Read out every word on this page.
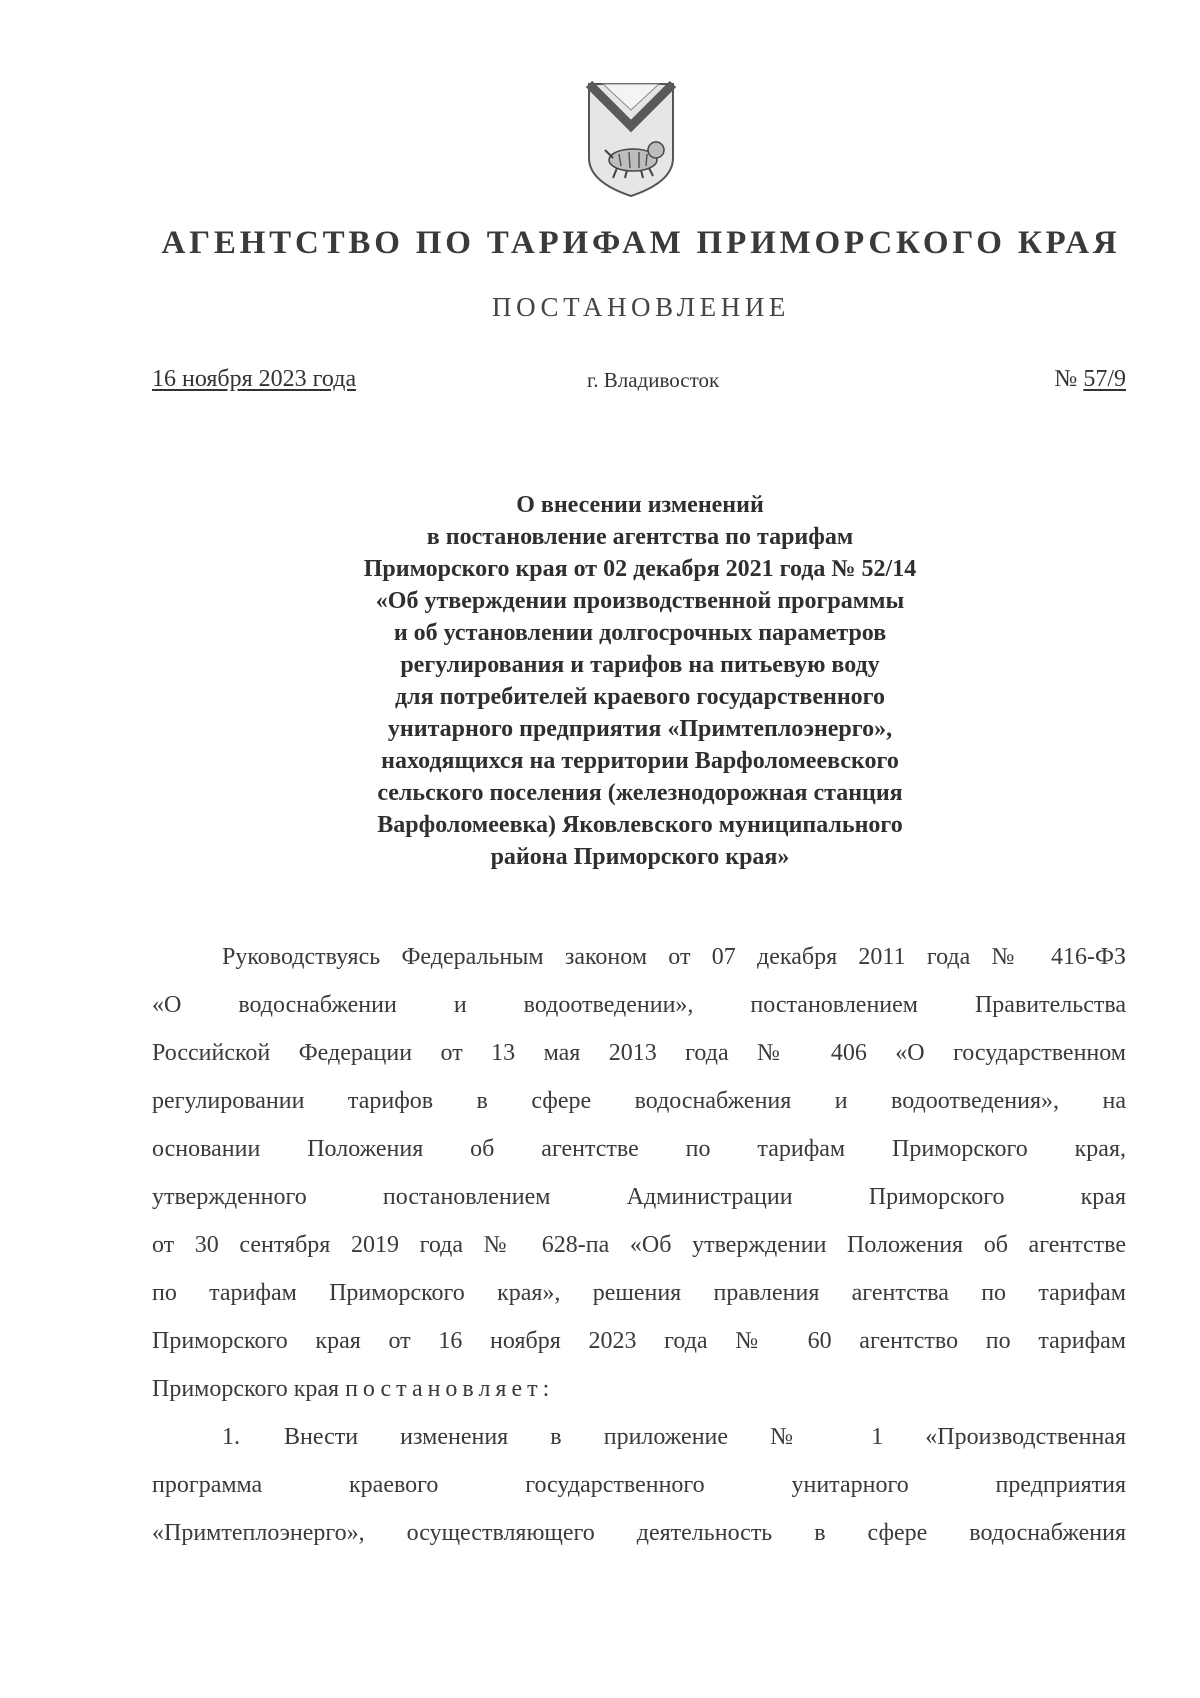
АГЕНТСТВО ПО ТАРИФАМ ПРИМОРСКОГО КРАЯ
ПОСТАНОВЛЕНИЕ
16 ноября 2023 года	г. Владивосток	№ 57/9
О внесении изменений
в постановление агентства по тарифам
Приморского края от 02 декабря 2021 года № 52/14
«Об утверждении производственной программы
и об установлении долгосрочных параметров
регулирования и тарифов на питьевую воду
для потребителей краевого государственного
унитарного предприятия «Примтеплоэнерго»,
находящихся на территории Варфоломеевского
сельского поселения (железнодорожная станция
Варфоломеевка) Яковлевского муниципального
района Приморского края»
Руководствуясь Федеральным законом от 07 декабря 2011 года № 416-ФЗ
«О водоснабжении и водоотведении», постановлением Правительства
Российской Федерации от 13 мая 2013 года № 406 «О государственном
регулировании тарифов в сфере водоснабжения и водоотведения», на
основании Положения об агентстве по тарифам Приморского края,
утвержденного постановлением Администрации Приморского края
от 30 сентября 2019 года № 628-па «Об утверждении Положения об агентстве
по тарифам Приморского края», решения правления агентства по тарифам
Приморского края от 16 ноября 2023 года № 60 агентство по тарифам
Приморского края постановляет:
1. Внести изменения в приложение № 1 «Производственная
программа краевого государственного унитарного предприятия
«Примтеплоэнерго», осуществляющего деятельность в сфере водоснабжения
